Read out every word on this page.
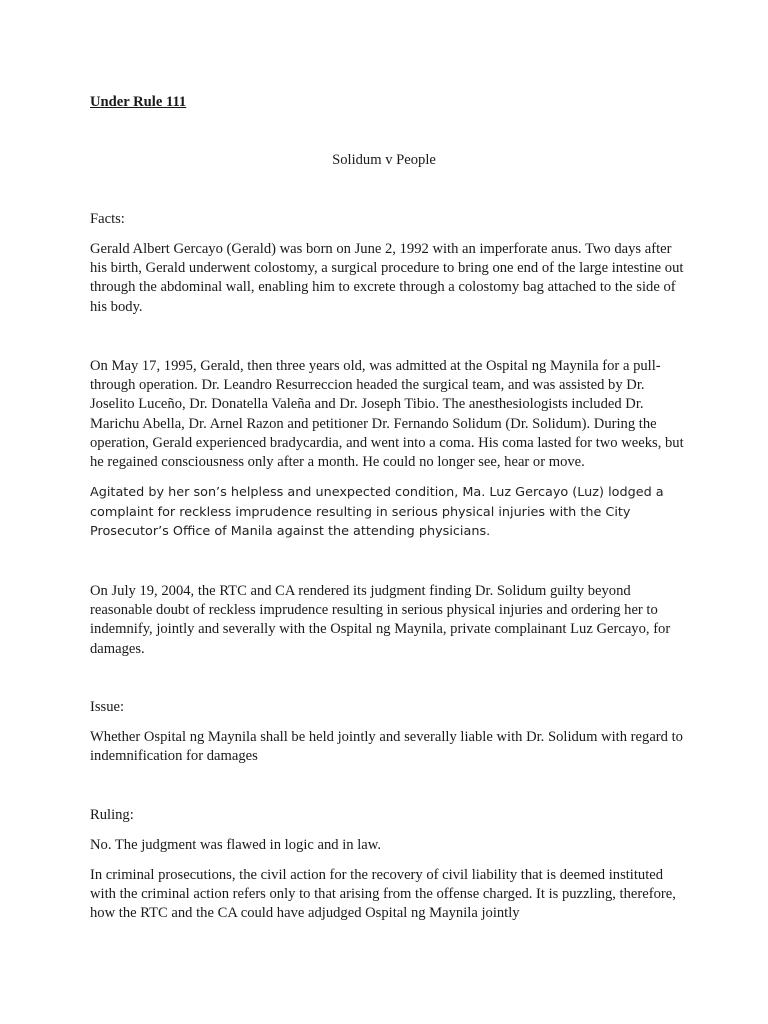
Under Rule 111
Solidum v People
Facts:
Gerald Albert Gercayo (Gerald) was born on June 2, 1992 with an imperforate anus. Two days after his birth, Gerald underwent colostomy, a surgical procedure to bring one end of the large intestine out through the abdominal wall, enabling him to excrete through a colostomy bag attached to the side of his body.
On May 17, 1995, Gerald, then three years old, was admitted at the Ospital ng Maynila for a pull-through operation. Dr. Leandro Resurreccion headed the surgical team, and was assisted by Dr. Joselito Luceño, Dr. Donatella Valeña and Dr. Joseph Tibio. The anesthesiologists included Dr. Marichu Abella, Dr. Arnel Razon and petitioner Dr. Fernando Solidum (Dr. Solidum). During the operation, Gerald experienced bradycardia, and went into a coma. His coma lasted for two weeks, but he regained consciousness only after a month. He could no longer see, hear or move.
Agitated by her son’s helpless and unexpected condition, Ma. Luz Gercayo (Luz) lodged a complaint for reckless imprudence resulting in serious physical injuries with the City Prosecutor’s Office of Manila against the attending physicians.
On July 19, 2004, the RTC and CA rendered its judgment finding Dr. Solidum guilty beyond reasonable doubt of reckless imprudence resulting in serious physical injuries and ordering her to indemnify, jointly and severally with the Ospital ng Maynila, private complainant Luz Gercayo, for damages.
Issue:
Whether Ospital ng Maynila shall be held jointly and severally liable with Dr. Solidum with regard to indemnification for damages
Ruling:
No. The judgment was flawed in logic and in law.
In criminal prosecutions, the civil action for the recovery of civil liability that is deemed instituted with the criminal action refers only to that arising from the offense charged. It is puzzling, therefore, how the RTC and the CA could have adjudged Ospital ng Maynila jointly
